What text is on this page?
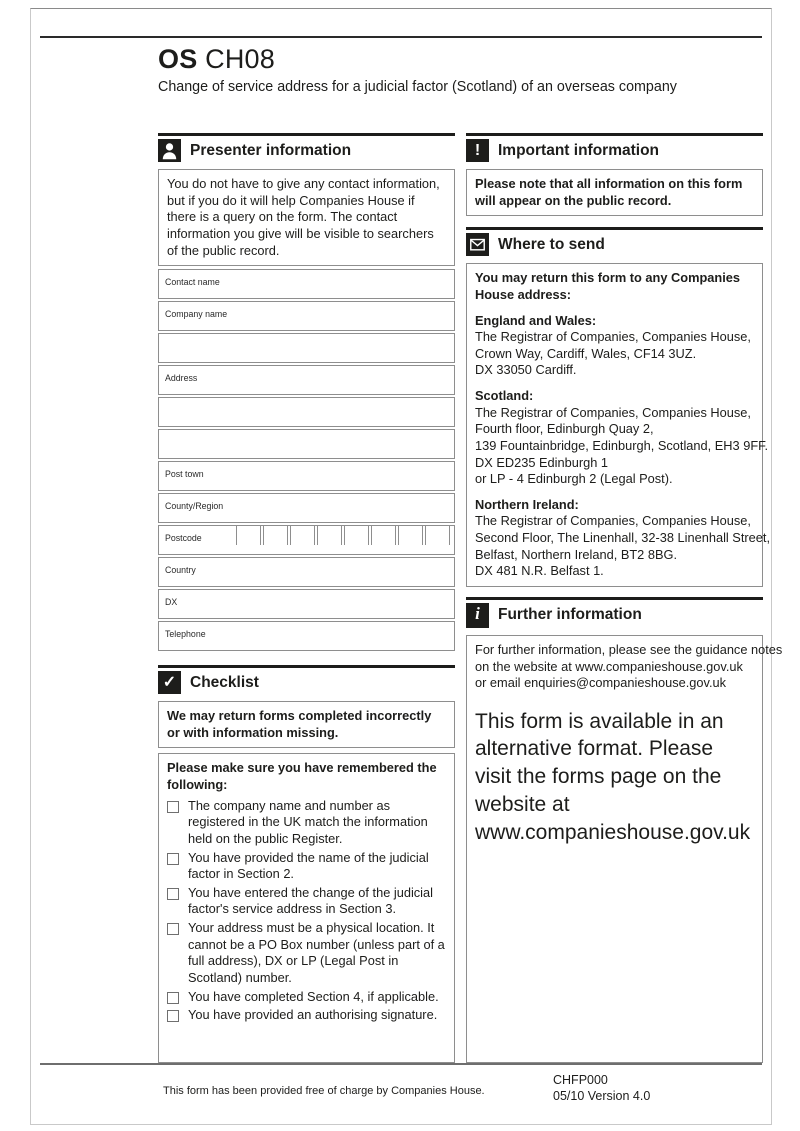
OS CH08

Change of service address for a judicial factor (Scotland) of an overseas company

Presenter information
You do not have to give any contact information, but if you do it will help Companies House if there is a query on the form. The contact information you give will be visible to searchers of the public record.
Contact name
Company name
Address
Post town
County/Region
Postcode
Country
DX
Telephone
✓ Checklist
We may return forms completed incorrectly or with information missing.

Please make sure you have remembered the following:

The company name and number as registered in the UK match the information held on the public Register.
You have provided the name of the judicial factor in Section 2.
You have entered the change of the judicial factor's service address in Section 3.
Your address must be a physical location. It cannot be a PO Box number (unless part of a full address), DX or LP (Legal Post in Scotland) number.
You have completed Section 4, if applicable.
You have provided an authorising signature.
!	Important information
Please note that all information on this form will appear on the public record.
Where to send

You may return this form to any Companies House address:

England and Wales:
The Registrar of Companies, Companies House,
Crown Way, Cardiff, Wales, CF14 3UZ.
DX 33050 Cardiff.
Scotland:
The Registrar of Companies, Companies House,
Fourth floor, Edinburgh Quay 2,
139 Fountainbridge, Edinburgh, Scotland, EH3 9FF.
DX ED235 Edinburgh 1
or LP - 4 Edinburgh 2 (Legal Post).
Northern Ireland:
The Registrar of Companies, Companies House,
Second Floor, The Linenhall, 32-38 Linenhall Street,
Belfast, Northern Ireland, BT2 8BG.
DX 481 N.R. Belfast 1.
i	Further information
For further information, please see the guidance notes
on the website at www.companieshouse.gov.uk
or email enquiries@companieshouse.gov.uk

This form is available in an alternative format. Please visit the forms page on the website at www.companieshouse.gov.uk

This form has been provided free of charge by Companies House.
CHFP000
05/10 Version 4.0
